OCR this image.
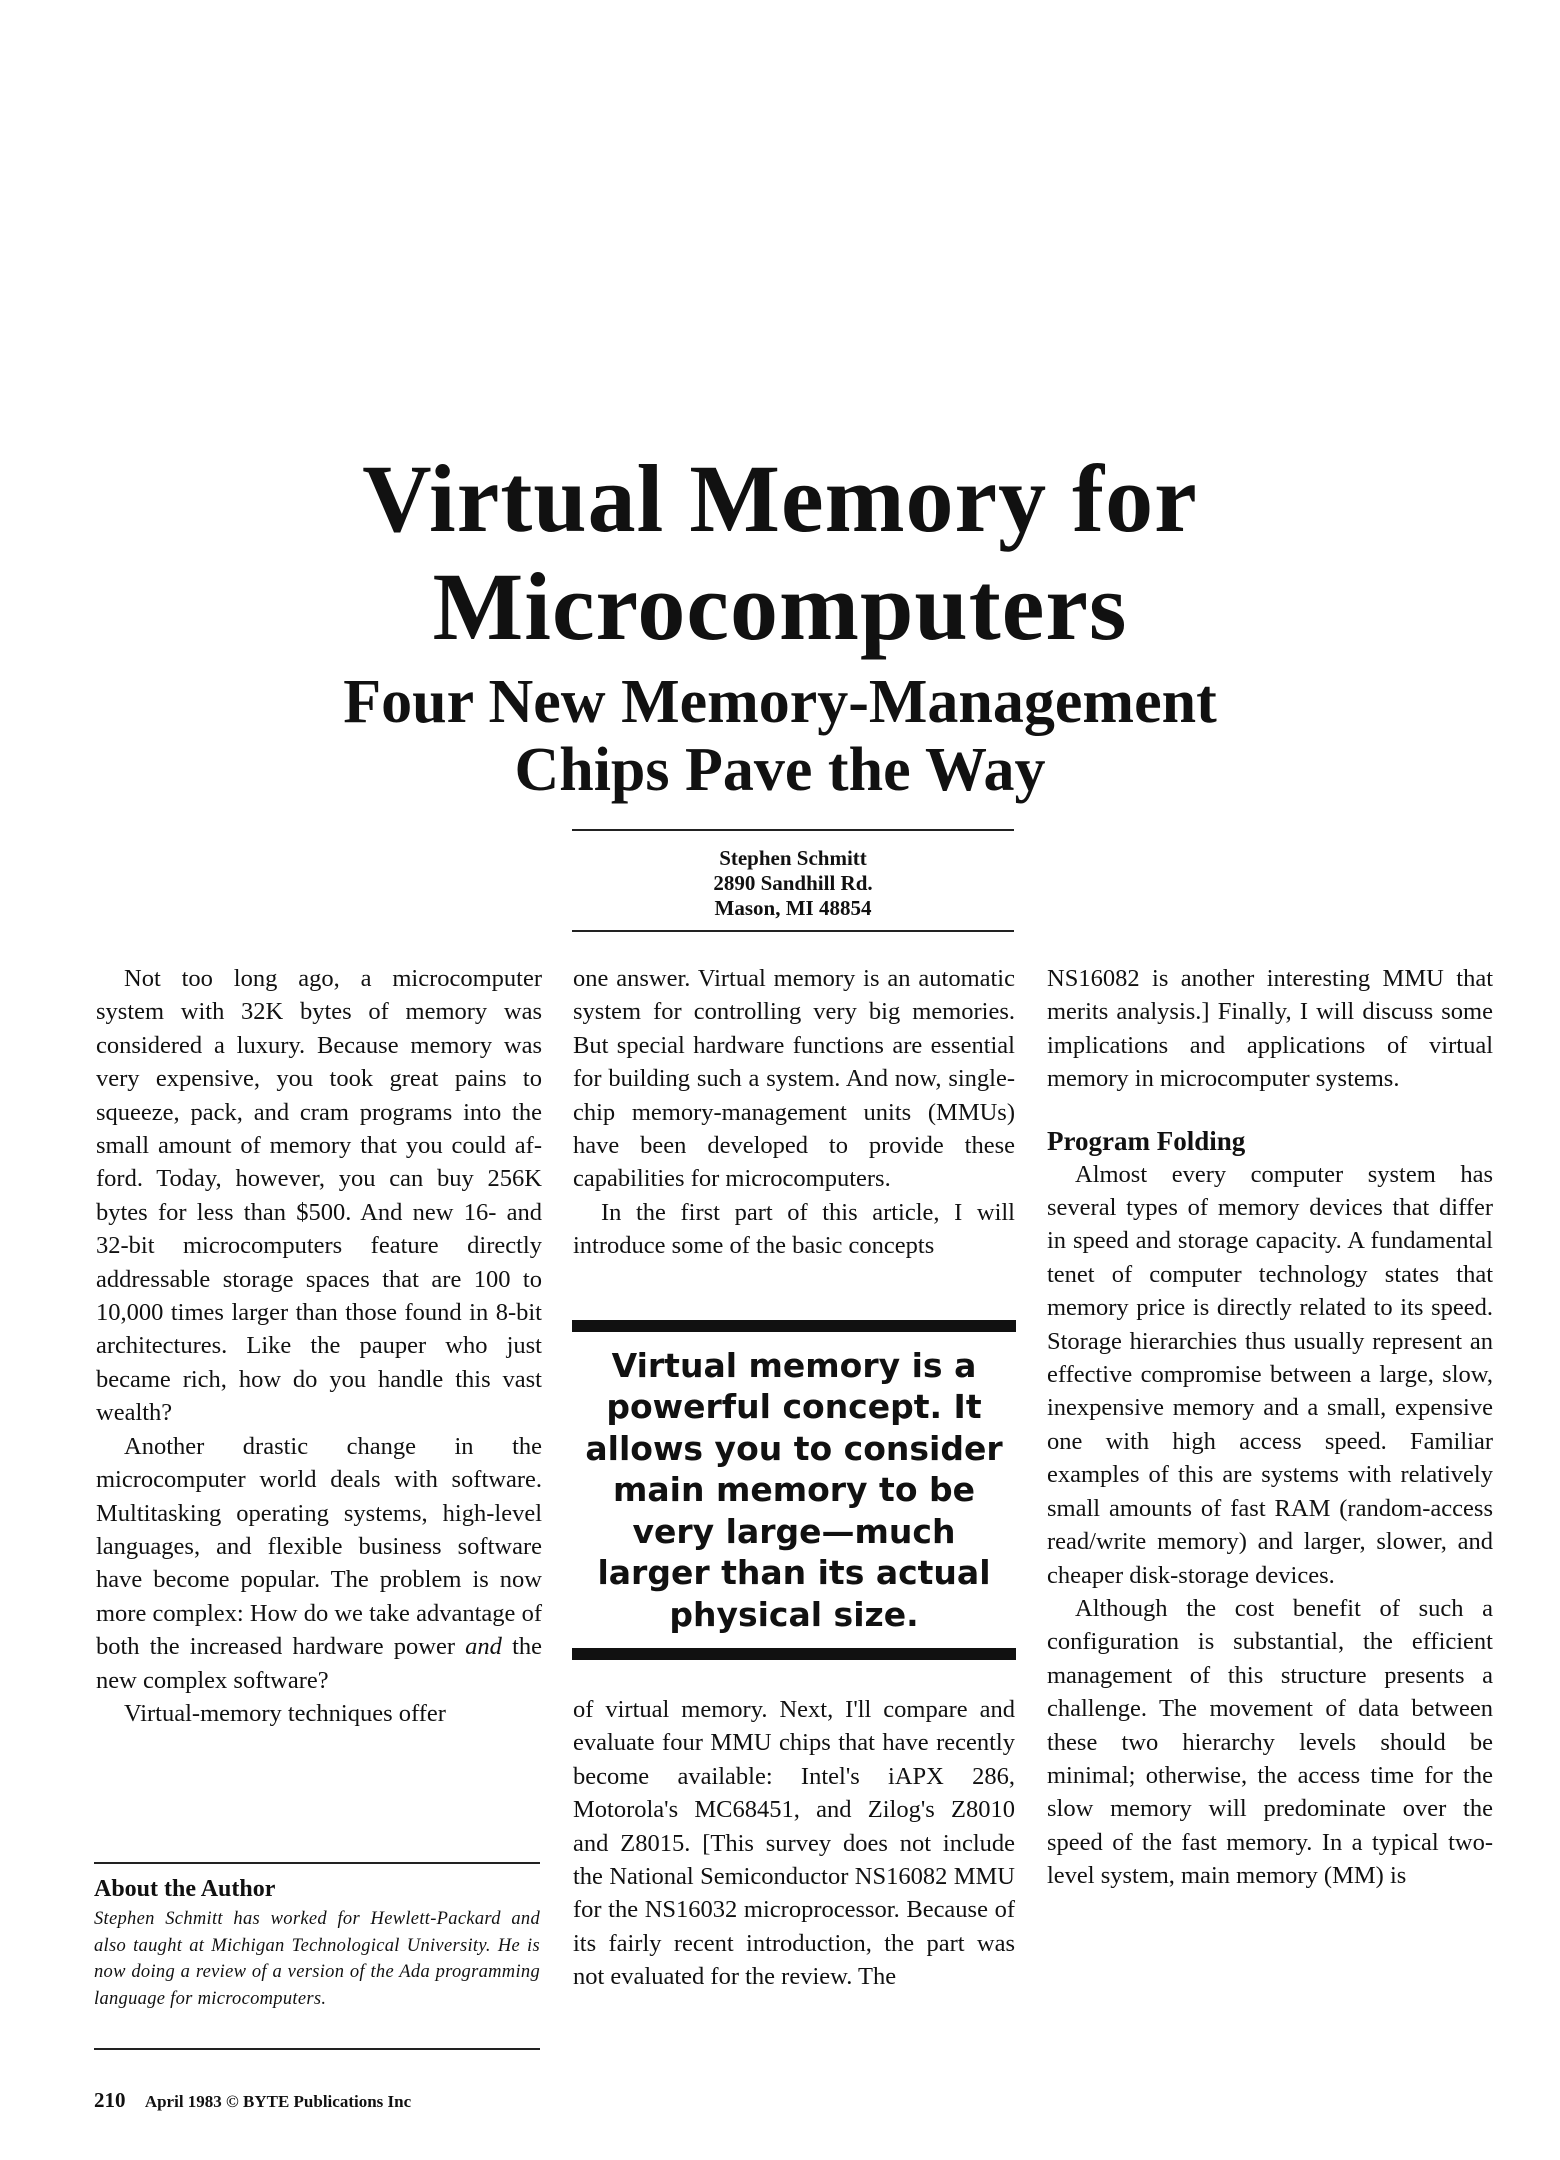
Virtual Memory for
Microcomputers
Four New Memory-Management
Chips Pave the Way
Stephen Schmitt
2890 Sandhill Rd.
Mason, MI 48854

Not too long ago, a microcomputer system with 32K bytes of memory was considered a luxury. Because memory was very expensive, you took great pains to squeeze, pack, and cram programs into the small amount of memory that you could afford. Today, however, you can buy 256K bytes for less than $500. And new 16- and 32-bit microcomputers feature directly addressable storage spaces that are 100 to 10,000 times larger than those found in 8-bit architectures. Like the pauper who just became rich, how do you handle this vast wealth?

Another drastic change in the microcomputer world deals with software. Multitasking operating systems, high-level languages, and flexible business software have become popular. The problem is now more complex: How do we take advantage of both the increased hardware power and the new complex software?

Virtual-memory techniques offer

one answer. Virtual memory is an automatic system for controlling very big memories. But special hardware functions are essential for building such a system. And now, single-chip memory-management units (MMUs) have been developed to provide these capabilities for microcomputers.

In the first part of this article, I will introduce some of the basic concepts

Virtual memory is a powerful concept. It allows you to consider main memory to be very large—much larger than its actual physical size.

of virtual memory. Next, I'll compare and evaluate four MMU chips that have recently become available: Intel's iAPX 286, Motorola's MC68451, and Zilog's Z8010 and Z8015. [This survey does not include the National Semiconductor NS16082 MMU for the NS16032 microprocessor. Because of its fairly recent introduction, the part was not evaluated for the review. The

NS16082 is another interesting MMU that merits analysis.] Finally, I will discuss some implications and applications of virtual memory in microcomputer systems.

Program Folding

Almost every computer system has several types of memory devices that differ in speed and storage capacity. A fundamental tenet of computer technology states that memory price is directly related to its speed. Storage hierarchies thus usually represent an effective compromise between a large, slow, inexpensive memory and a small, expensive one with high access speed. Familiar examples of this are systems with relatively small amounts of fast RAM (random-access read/write memory) and larger, slower, and cheaper disk-storage devices.

Although the cost benefit of such a configuration is substantial, the efficient management of this structure presents a challenge. The movement of data between these two hierarchy levels should be minimal; otherwise, the access time for the slow memory will predominate over the speed of the fast memory. In a typical two-level system, main memory (MM) is

About the Author
Stephen Schmitt has worked for Hewlett-Packard and also taught at Michigan Technological University. He is now doing a review of a version of the Ada programming language for microcomputers.
210 April 1983 © BYTE Publications Inc
